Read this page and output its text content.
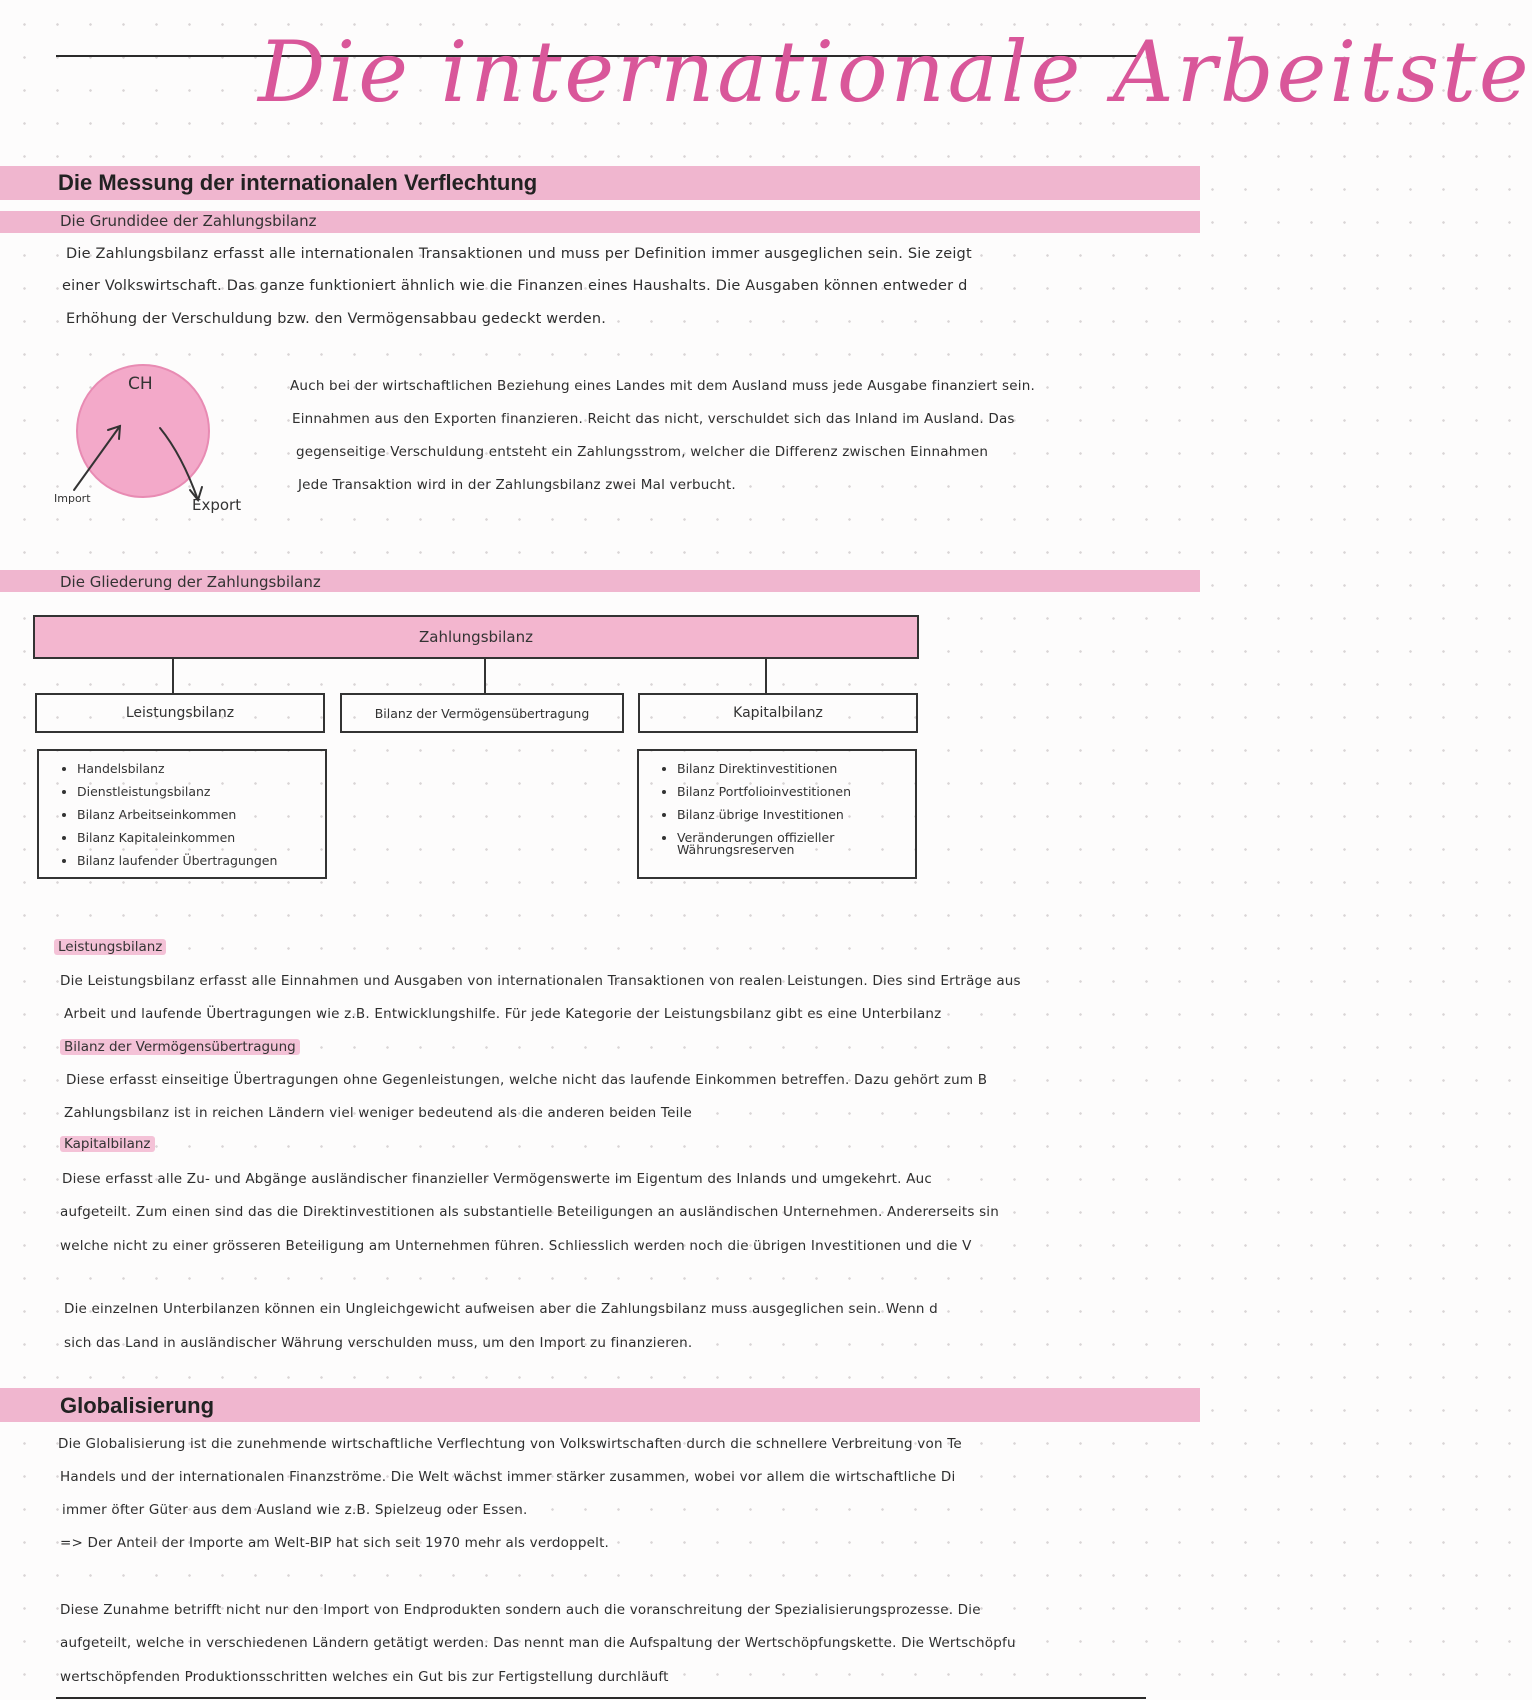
Die internationale Arbeitste
Die Messung der internationalen Verflechtung
Die Grundidee der Zahlungsbilanz
Die Zahlungsbilanz erfasst alle internationalen Transaktionen und muss per Definition immer ausgeglichen sein. Sie zeigt
einer Volkswirtschaft. Das ganze funktioniert ähnlich wie die Finanzen eines Haushalts. Die Ausgaben können entweder d
Erhöhung der Verschuldung bzw. den Vermögensabbau gedeckt werden.
CH
Import	Export
Auch bei der wirtschaftlichen Beziehung eines Landes mit dem Ausland muss jede Ausgabe finanziert sein.
Einnahmen aus den Exporten finanzieren. Reicht das nicht, verschuldet sich das Inland im Ausland. Das
gegenseitige Verschuldung entsteht ein Zahlungsstrom, welcher die Differenz zwischen Einnahmen
Jede Transaktion wird in der Zahlungsbilanz zwei Mal verbucht.
Die Gliederung der Zahlungsbilanz
Zahlungsbilanz
Leistungsbilanz	Bilanz der Vermögensübertragung	Kapitalbilanz
• Handelsbilanz
• Dienstleistungsbilanz
• Bilanz Arbeitseinkommen
• Bilanz Kapitaleinkommen
• Bilanz laufender Übertragungen
• Bilanz Direktinvestitionen
• Bilanz Portfolioinvestitionen
• Bilanz übrige Investitionen
• Veränderungen offizieller
Währungsreserven
Leistungsbilanz
Die Leistungsbilanz erfasst alle Einnahmen und Ausgaben von internationalen Transaktionen von realen Leistungen. Dies sind Erträge aus
Arbeit und laufende Übertragungen wie z.B. Entwicklungshilfe. Für jede Kategorie der Leistungsbilanz gibt es eine Unterbilanz
Bilanz der Vermögensübertragung
Diese erfasst einseitige Übertragungen ohne Gegenleistungen, welche nicht das laufende Einkommen betreffen. Dazu gehört zum B
Zahlungsbilanz ist in reichen Ländern viel weniger bedeutend als die anderen beiden Teile
Kapitalbilanz
Diese erfasst alle Zu- und Abgänge ausländischer finanzieller Vermögenswerte im Eigentum des Inlands und umgekehrt. Auc
aufgeteilt. Zum einen sind das die Direktinvestitionen als substantielle Beteiligungen an ausländischen Unternehmen. Andererseits sin
welche nicht zu einer grösseren Beteiligung am Unternehmen führen. Schliesslich werden noch die übrigen Investitionen und die V
Die einzelnen Unterbilanzen können ein Ungleichgewicht aufweisen aber die Zahlungsbilanz muss ausgeglichen sein. Wenn d
sich das Land in ausländischer Währung verschulden muss, um den Import zu finanzieren.
Globalisierung
Die Globalisierung ist die zunehmende wirtschaftliche Verflechtung von Volkswirtschaften durch die schnellere Verbreitung von Te
Handels und der internationalen Finanzströme. Die Welt wächst immer stärker zusammen, wobei vor allem die wirtschaftliche Di
immer öfter Güter aus dem Ausland wie z.B. Spielzeug oder Essen.
=> Der Anteil der Importe am Welt-BIP hat sich seit 1970 mehr als verdoppelt.
Diese Zunahme betrifft nicht nur den Import von Endprodukten sondern auch die voranschreitung der Spezialisierungsprozesse. Die
aufgeteilt, welche in verschiedenen Ländern getätigt werden. Das nennt man die Aufspaltung der Wertschöpfungskette. Die Wertschöpfu
wertschöpfenden Produktionsschritten welches ein Gut bis zur Fertigstellung durchläuft
